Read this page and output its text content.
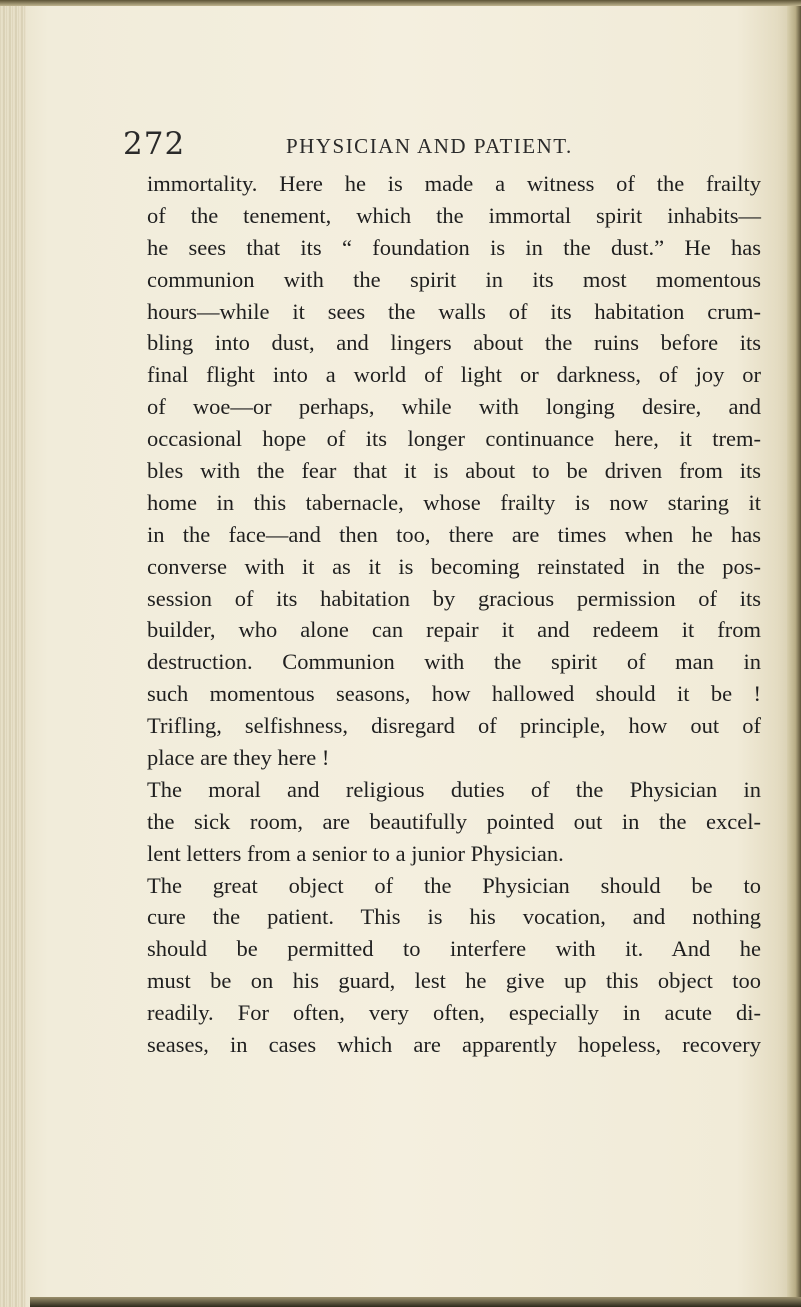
272	PHYSICIAN AND PATIENT.
immortality. Here he is made a witness of the frailty
of the tenement, which the immortal spirit inhabits—
he sees that its “ foundation is in the dust.” He has
communion with the spirit in its most momentous
hours—while it sees the walls of its habitation crum-
bling into dust, and lingers about the ruins before its
final flight into a world of light or darkness, of joy or
of woe—or perhaps, while with longing desire, and
occasional hope of its longer continuance here, it trem-
bles with the fear that it is about to be driven from its
home in this tabernacle, whose frailty is now staring it
in the face—and then too, there are times when he has
converse with it as it is becoming reinstated in the pos-
session of its habitation by gracious permission of its
builder, who alone can repair it and redeem it from
destruction. Communion with the spirit of man in
such momentous seasons, how hallowed should it be !
Trifling, selfishness, disregard of principle, how out of
place are they here !
The moral and religious duties of the Physician in
the sick room, are beautifully pointed out in the excel-
lent letters from a senior to a junior Physician.
The great object of the Physician should be to
cure the patient. This is his vocation, and nothing
should be permitted to interfere with it. And he
must be on his guard, lest he give up this object too
readily. For often, very often, especially in acute di-
seases, in cases which are apparently hopeless, recovery
